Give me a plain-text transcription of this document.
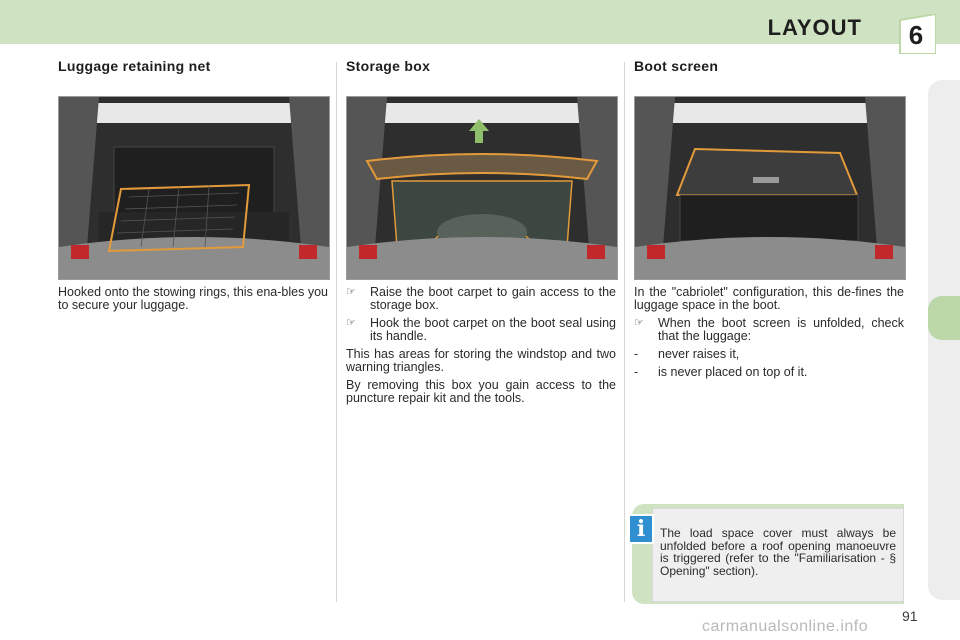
LAYOUT	6
Luggage retaining net

Hooked onto the stowing rings, this ena-bles you to secure your luggage.

Storage box
☞ Raise the boot carpet to gain access to the storage box.
☞ Hook the boot carpet on the boot seal using its handle.

This has areas for storing the windstop and two warning triangles.

By removing this box you gain access to the puncture repair kit and the tools.

Boot screen

In the "cabriolet" configuration, this de-fines the luggage space in the boot.

☞ When the boot screen is unfolded, check that the luggage:
- never raises it,
- is never placed on top of it.
i	The load space cover must always be unfolded before a roof opening manoeuvre is triggered (refer to the "Familiarisation - § Opening" section).
91
carmanualsonline.info
